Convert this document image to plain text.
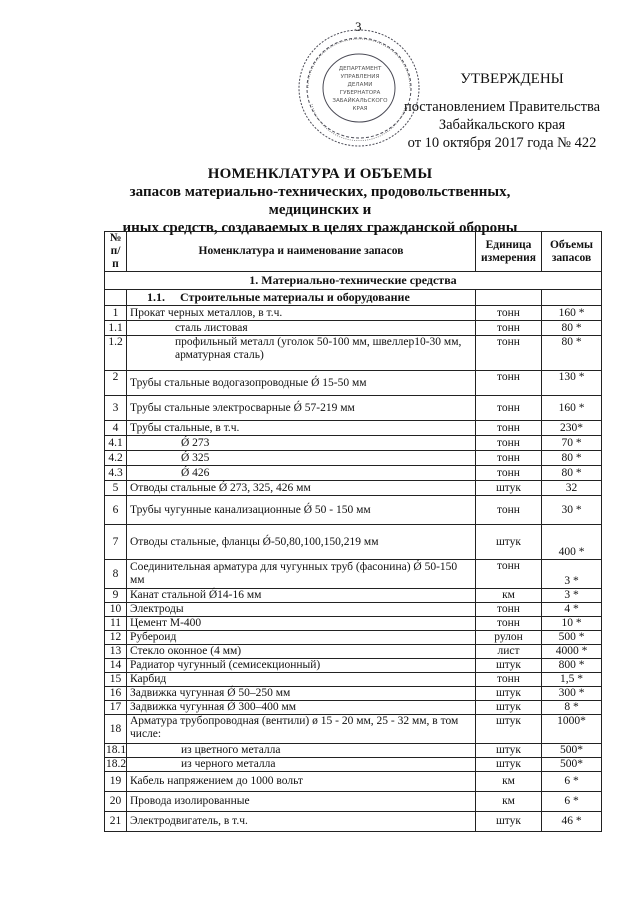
3
ДЕПАРТАМЕНТ
УПРАВЛЕНИЯ
ДЕЛАМИ
ГУБЕРНАТОРА
ЗАБАЙКАЛЬСКОГО
КРАЯ
УТВЕРЖДЕНЫ
постановлением Правительства
Забайкальского края
от 10 октября 2017 года № 422
НОМЕНКЛАТУРА И ОБЪЕМЫ
запасов материально-технических, продовольственных, медицинских и
иных средств, создаваемых в целях гражданской обороны
№
п/п	Номенклатура и наименование запасов	Единица
измерения	Объемы
запасов
1. Материально-технические средства			
	1.1. Строительные материалы и оборудование		
1	Прокат черных металлов, в т.ч.	тонн	160 *
1.1	сталь листовая	тонн	80 *
1.2	профильный металл (уголок 50-100 мм, швеллер10-30 мм, арматурная сталь)	тонн	80 *
2	Трубы стальные водогазопроводные Ǿ 15-50 мм	тонн	130 *
3	Трубы стальные электросварные Ǿ 57-219 мм	тонн	160 *
4	Трубы стальные, в т.ч.	тонн	230*
4.1	Ǿ 273	тонн	70 *
4.2	Ǿ 325	тонн	80 *
4.3	Ǿ 426	тонн	80 *
5	Отводы стальные Ǿ 273, 325, 426 мм	штук	32
6	Трубы чугунные канализационные Ǿ 50 - 150 мм	тонн	30 *
7	Отводы стальные, фланцы Ǿ-50,80,100,150,219 мм	штук	400 *
8	Соединительная арматура для чугунных труб (фасонина) Ǿ 50-150 мм	тонн	3 *
9	Канат стальной Ǿ14-16 мм	км	3 *
10	Электроды	тонн	4 *
11	Цемент М-400	тонн	10 *
12	Рубероид	рулон	500 *
13	Стекло оконное (4 мм)	лист	4000 *
14	Радиатор чугунный (семисекционный)	штук	800 *
15	Карбид	тонн	1,5 *
16	Задвижка чугунная Ǿ 50–250 мм	штук	300 *
17	Задвижка чугунная Ǿ 300–400 мм	штук	8 *
18	Арматура трубопроводная (вентили) ø 15 - 20 мм, 25 - 32 мм, в том числе:	штук	1000*
18.1	из цветного металла	штук	500*
18.2	из черного металла	штук	500*
19	Кабель напряжением до 1000 вольт	км	6 *
20	Провода изолированные	км	6 *
21	Электродвигатель, в т.ч.	штук	46 *
